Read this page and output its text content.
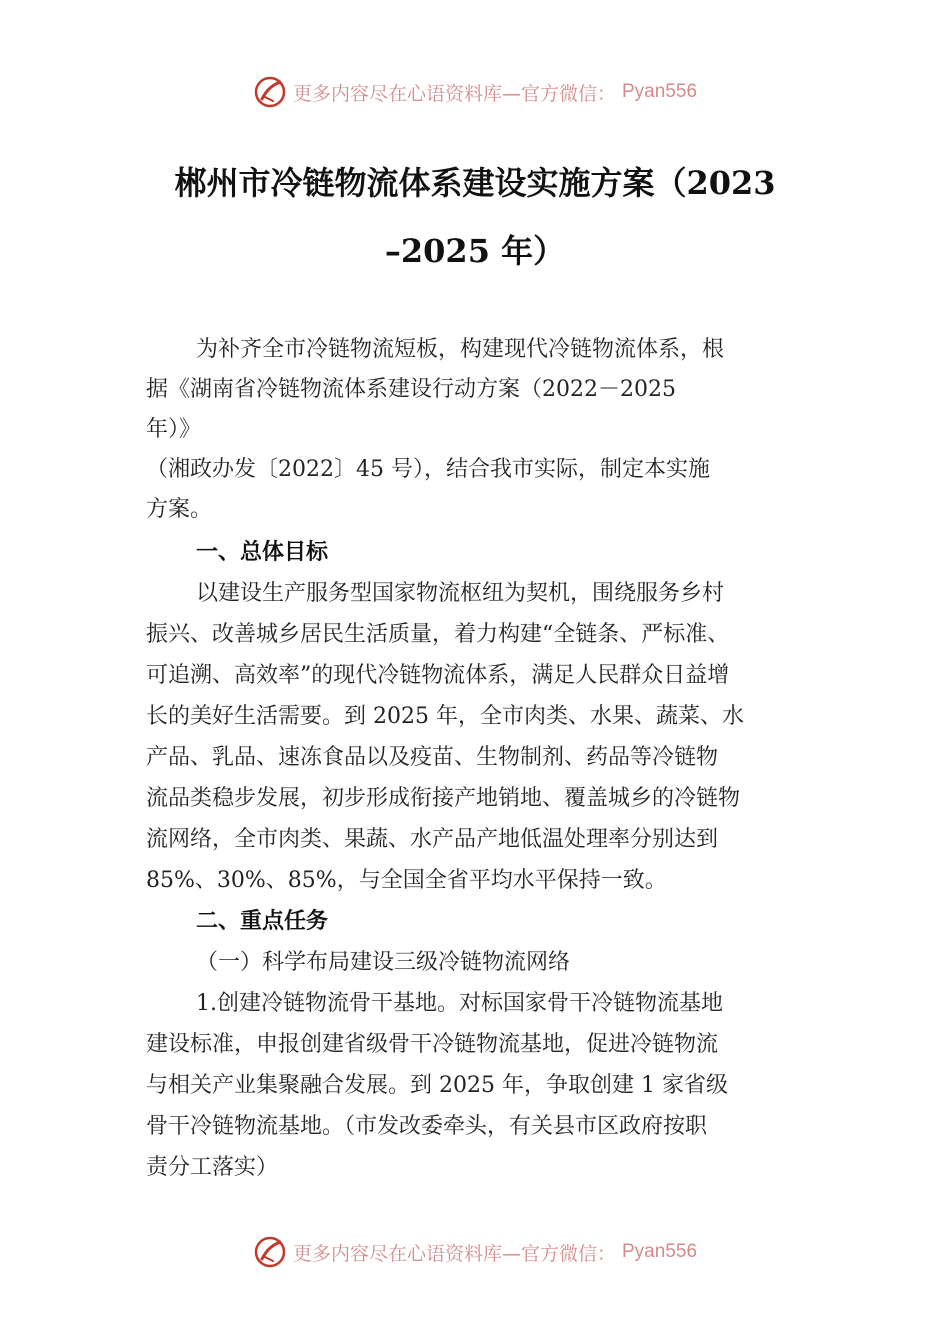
更多内容尽在心语资料库—官方微信： Pyan556
郴州市冷链物流体系建设实施方案（2023
–2025 年）
为补齐全市冷链物流短板，构建现代冷链物流体系，根
据《湖南省冷链物流体系建设行动方案（2022－2025
年）》
（湘政办发〔2022〕45 号），结合我市实际，制定本实施
方案。
一、总体目标
以建设生产服务型国家物流枢纽为契机，围绕服务乡村
振兴、改善城乡居民生活质量，着力构建“全链条、严标准、
可追溯、高效率”的现代冷链物流体系，满足人民群众日益增
长的美好生活需要。到 2025 年，全市肉类、水果、蔬菜、水
产品、乳品、速冻食品以及疫苗、生物制剂、药品等冷链物
流品类稳步发展，初步形成衔接产地销地、覆盖城乡的冷链物
流网络，全市肉类、果蔬、水产品产地低温处理率分别达到
85%、30%、85%，与全国全省平均水平保持一致。
二、重点任务
（一）科学布局建设三级冷链物流网络
1.创建冷链物流骨干基地。对标国家骨干冷链物流基地
建设标准，申报创建省级骨干冷链物流基地，促进冷链物流
与相关产业集聚融合发展。到 2025 年，争取创建 1 家省级
骨干冷链物流基地。（市发改委牵头，有关县市区政府按职
责分工落实）
更多内容尽在心语资料库—官方微信： Pyan556
